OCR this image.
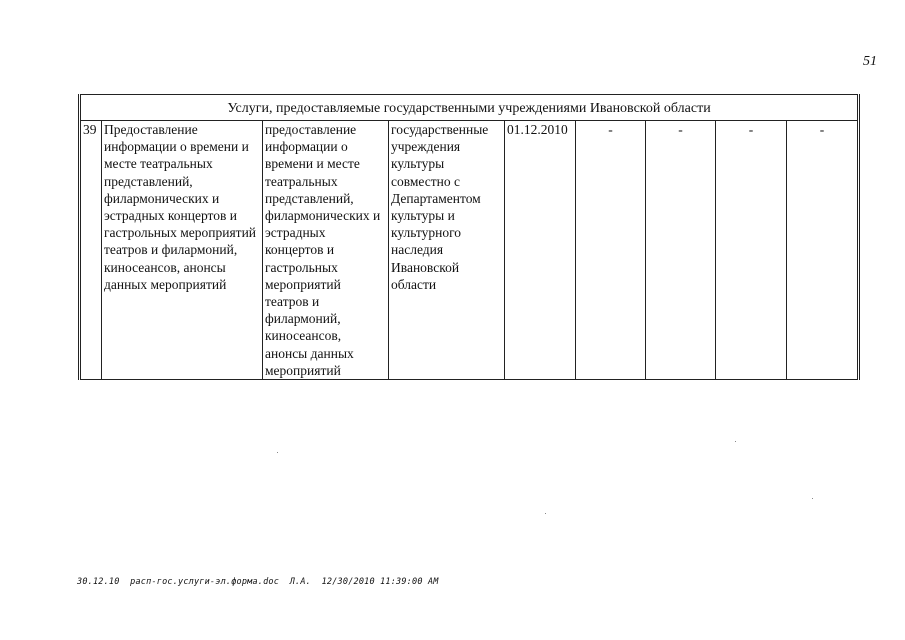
51
Услуги, предоставляемые государственными учреждениями Ивановской области
39	Предоставление информации о времени и месте театральных представлений, филармонических и эстрадных концертов и гастрольных мероприятий театров и филармоний, киносеансов, анонсы данных мероприятий	предоставление информации о времени и месте театральных представлений, филармонических и эстрадных концертов и гастрольных мероприятий театров и филармоний, киносеансов, анонсы данных мероприятий	государственные учреждения культуры совместно с Департаментом культуры и культурного наследия Ивановской области	01.12.2010	-	-	-	-
30.12.10  pacп-гос.услуги-эл.форма.doc  Л.А.  12/30/2010 11:39:00 AM
